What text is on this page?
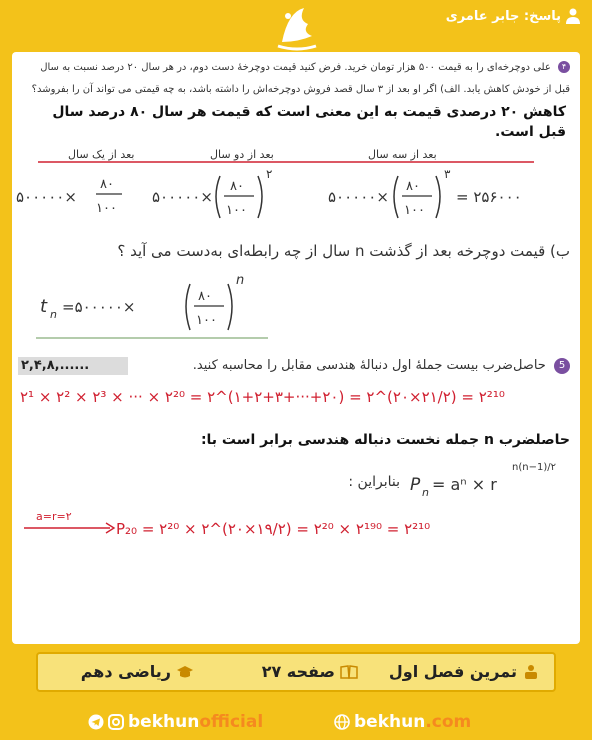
پاسخ: جابر عامری
۴ علی دوچرخه‌ای را به قیمت ۵۰۰ هزار تومان خرید. فرض کنید قیمت دوچرخهٔ دست دوم، در هر سال ۲۰ درصد نسبت به سال
قبل از خودش کاهش یابد. الف) اگر او بعد از ۳ سال قصد فروش دوچرخه‌اش را داشته باشد، به چه قیمتی می تواند آن را بفروشد؟
کاهش ۲۰ درصدی قیمت به این معنی است که قیمت هر سال ۸۰ درصد سال قبل است.
بعد از یک سال	بعد از دو سال	بعد از سه سال
۵۰۰۰۰۰×
۸۰
۱۰۰
۵۰۰۰۰۰×
۸۰
۱۰۰
۲
۵۰۰۰۰۰×
۸۰
۱۰۰
۳
= ۲۵۶۰۰۰
ب) قیمت دوچرخه بعد از گذشت n سال از چه رابطه‌ای به‌دست می آید ؟
t n =۵۰۰۰۰۰×
۸۰
۱۰۰
n
5 حاصل‌ضرب بیست جملهٔ اول دنبالهٔ هندسی مقابل را محاسبه کنید.
۲,۴,۸,......
۲¹ × ۲² × ۲³ × ··· × ۲²⁰ = ۲^(۱+۲+۳+···+۲۰) = ۲^(۲۰×۲۱/۲) = ۲²¹⁰
حاصلضرب n جمله نخست دنباله هندسی برابر است با:
بنابراین : P n = aⁿ × r
n(n−1)/۲
a=r=۲
P₂₀ = ۲²⁰ × ۲^(۲۰×۱۹/۲) = ۲²⁰ × ۲¹⁹⁰ = ۲²¹⁰
تمرین فصل اول
صفحه ۲۷
ریاضی دهم
bekhun official	bekhun .com
